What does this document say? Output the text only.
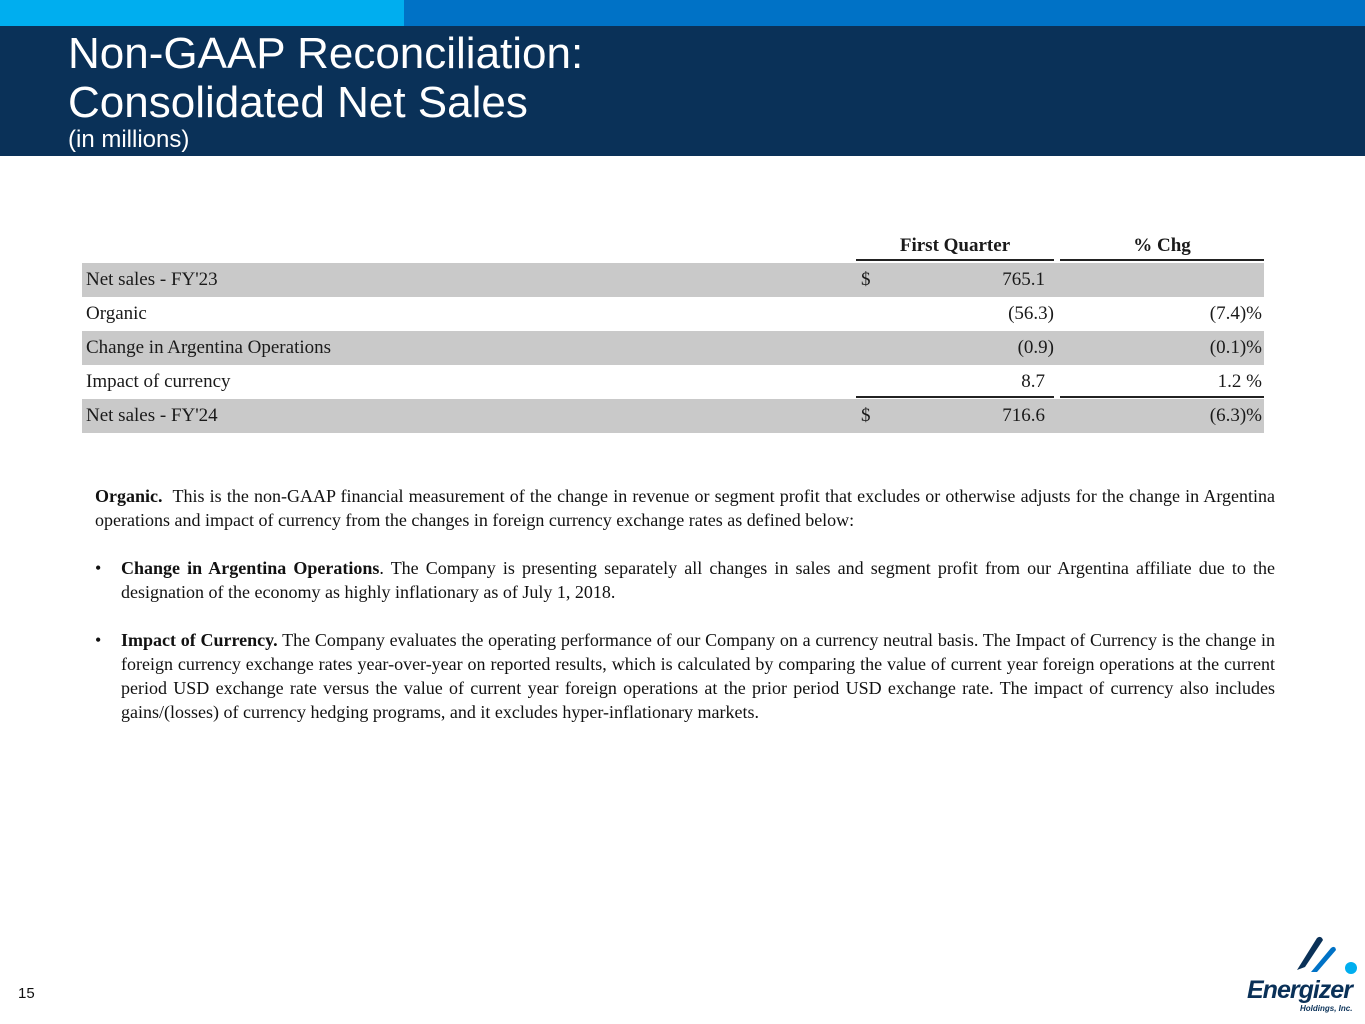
Non-GAAP Reconciliation:
Consolidated Net Sales
(in millions)
First Quarter	% Chg
Net sales - FY'23	$	765.1
Organic	(56.3)	(7.4)%
Change in Argentina Operations	(0.9)	(0.1)%
Impact of currency	8.7	1.2 %
Net sales - FY'24	$	716.6	(6.3)%

Organic. This is the non-GAAP financial measurement of the change in revenue or segment profit that excludes or otherwise adjusts for the change in Argentina operations and impact of currency from the changes in foreign currency exchange rates as defined below:

• Change in Argentina Operations. The Company is presenting separately all changes in sales and segment profit from our Argentina affiliate due to the designation of the economy as highly inflationary as of July 1, 2018.
• Impact of Currency. The Company evaluates the operating performance of our Company on a currency neutral basis. The Impact of Currency is the change in foreign currency exchange rates year-over-year on reported results, which is calculated by comparing the value of current year foreign operations at the current period USD exchange rate versus the value of current year foreign operations at the prior period USD exchange rate. The impact of currency also includes gains/(losses) of currency hedging programs, and it excludes hyper-inflationary markets.
15	Energizer
Holdings, Inc.
